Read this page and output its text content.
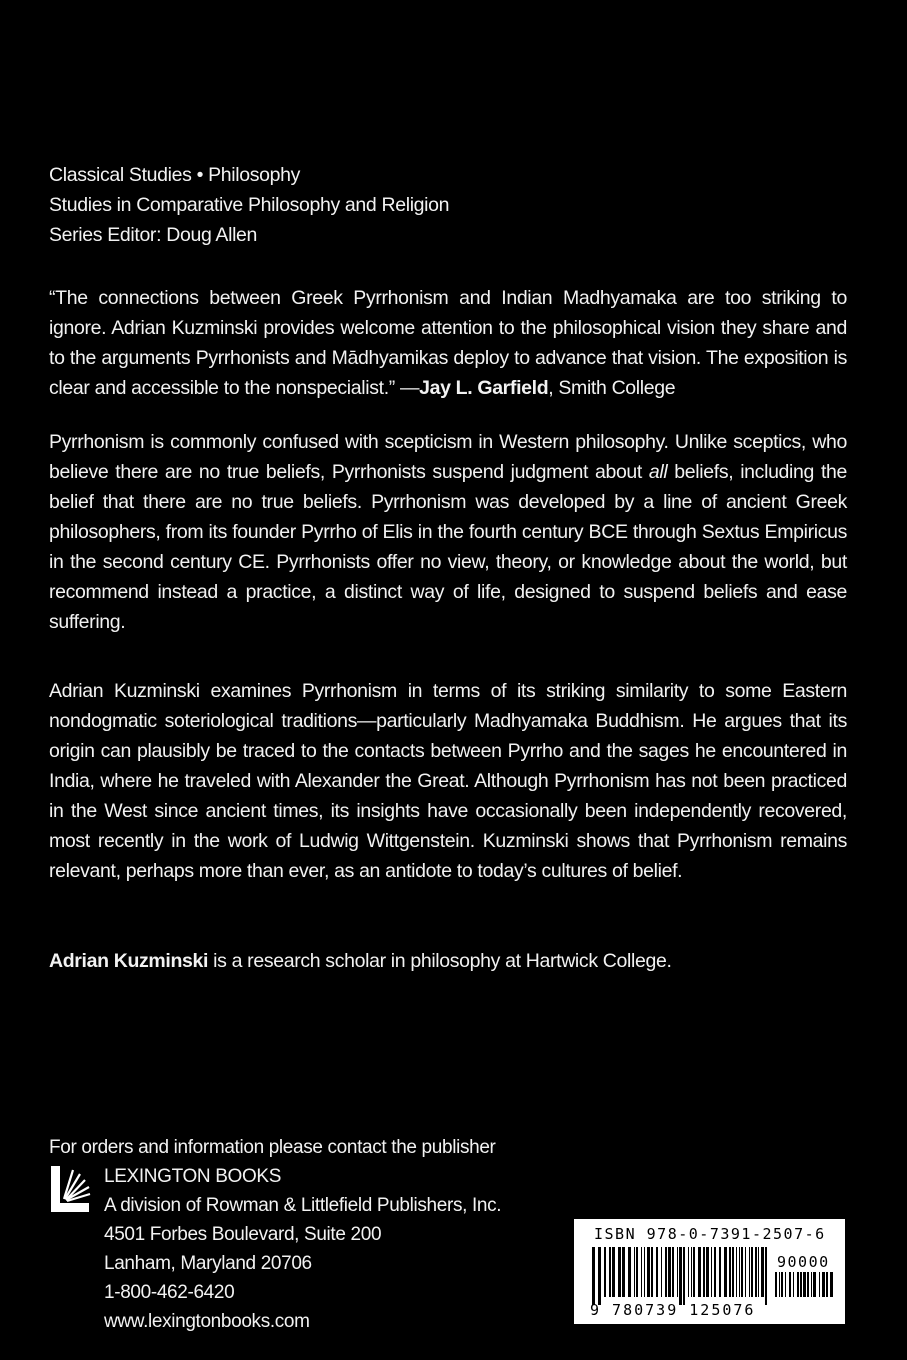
Classical Studies • Philosophy
Studies in Comparative Philosophy and Religion
Series Editor: Doug Allen

“The connections between Greek Pyrrhonism and Indian Madhyamaka are too striking to ignore. Adrian Kuzminski provides welcome attention to the philosophical vision they share and to the arguments Pyrrhonists and Mādhyamikas deploy to advance that vision. The exposition is clear and accessible to the nonspecialist.” —Jay L. Garfield, Smith College

Pyrrhonism is commonly confused with scepticism in Western philosophy. Unlike sceptics, who believe there are no true beliefs, Pyrrhonists suspend judgment about all beliefs, including the belief that there are no true beliefs. Pyrrhonism was developed by a line of ancient Greek philosophers, from its founder Pyrrho of Elis in the fourth century BCE through Sextus Empiricus in the second century CE. Pyrrhonists offer no view, theory, or knowledge about the world, but recommend instead a practice, a distinct way of life, designed to suspend beliefs and ease suffering.

Adrian Kuzminski examines Pyrrhonism in terms of its striking similarity to some Eastern nondogmatic soteriological traditions—particularly Madhyamaka Buddhism. He argues that its origin can plausibly be traced to the contacts between Pyrrho and the sages he encountered in India, where he traveled with Alexander the Great. Although Pyrrhonism has not been practiced in the West since ancient times, its insights have occasionally been independently recovered, most recently in the work of Ludwig Wittgenstein. Kuzminski shows that Pyrrhonism remains relevant, perhaps more than ever, as an antidote to today’s cultures of belief.

Adrian Kuzminski is a research scholar in philosophy at Hartwick College.

For orders and information please contact the publisher
LEXINGTON BOOKS
A division of Rowman & Littlefield Publishers, Inc.
4501 Forbes Boulevard, Suite 200
Lanham, Maryland 20706
1-800-462-6420
www.lexingtonbooks.com
ISBN 978-0-7391-2507-6
90000
9 780739 125076
